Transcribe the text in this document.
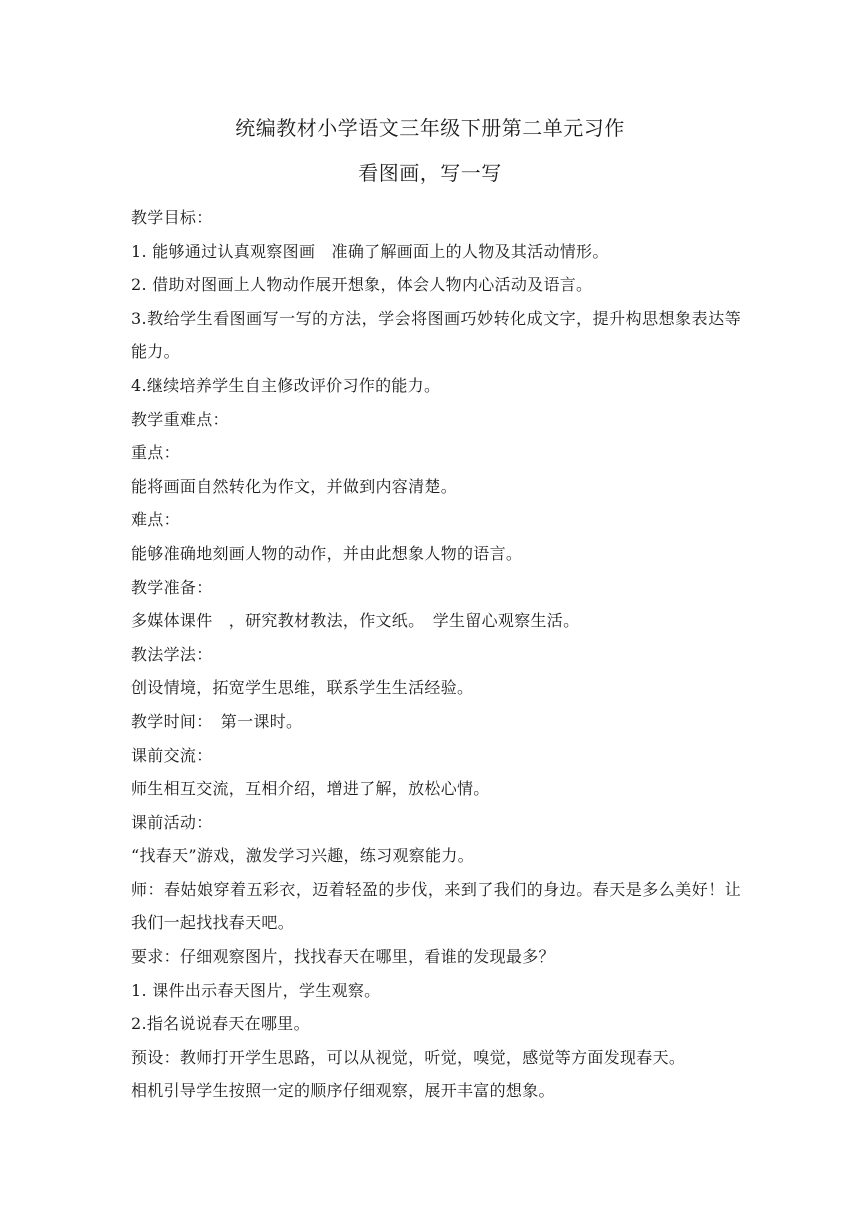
统编教材小学语文三年级下册第二单元习作
看图画，写一写

教学目标：

1. 能够通过认真观察图画　准确了解画面上的人物及其活动情形。

2. 借助对图画上人物动作展开想象，体会人物内心活动及语言。

3.教给学生看图画写一写的方法，学会将图画巧妙转化成文字，提升构思想象表达等能力。

4.继续培养学生自主修改评价习作的能力。

教学重难点：

重点：

能将画面自然转化为作文，并做到内容清楚。

难点：

能够准确地刻画人物的动作，并由此想象人物的语言。

教学准备：

多媒体课件　，研究教材教法，作文纸。　学生留心观察生活。

教法学法：

创设情境，拓宽学生思维，联系学生生活经验。

教学时间：　第一课时。

课前交流：

师生相互交流，互相介绍，增进了解，放松心情。

课前活动：

“找春天”游戏，激发学习兴趣，练习观察能力。

师：春姑娘穿着五彩衣，迈着轻盈的步伐，来到了我们的身边。春天是多么美好！让我们一起找找春天吧。

要求：仔细观察图片，找找春天在哪里，看谁的发现最多？

1. 课件出示春天图片，学生观察。

2.指名说说春天在哪里。

预设：教师打开学生思路，可以从视觉，听觉，嗅觉，感觉等方面发现春天。

相机引导学生按照一定的顺序仔细观察，展开丰富的想象。
